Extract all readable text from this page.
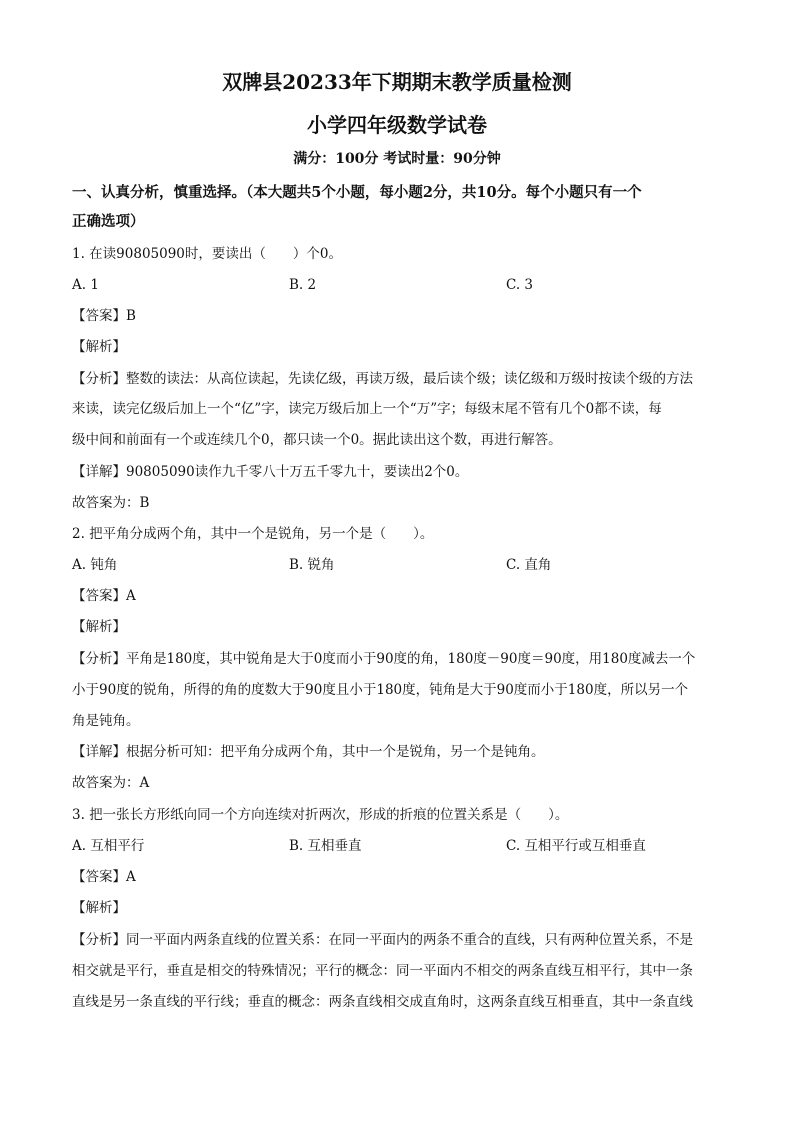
双牌县20233年下期期末教学质量检测
小学四年级数学试卷
满分：100分 考试时量：90分钟
一、认真分析，慎重选择。（本大题共5个小题，每小题2分，共10分。每个小题只有一个
正确选项）
1. 在读90805090时，要读出（　　）个0。
A. 1	B. 2	C. 3
【答案】B
【解析】
【分析】整数的读法：从高位读起，先读亿级，再读万级，最后读个级；读亿级和万级时按读个级的方法
来读，读完亿级后加上一个“亿”字，读完万级后加上一个“万”字；每级末尾不管有几个0都不读，每
级中间和前面有一个或连续几个0，都只读一个0。据此读出这个数，再进行解答。
【详解】90805090读作九千零八十万五千零九十，要读出2个0。
故答案为：B
2. 把平角分成两个角，其中一个是锐角，另一个是（　　）。
A. 钝角	B. 锐角	C. 直角
【答案】A
【解析】
【分析】平角是180度，其中锐角是大于0度而小于90度的角，180度－90度＝90度，用180度减去一个
小于90度的锐角，所得的角的度数大于90度且小于180度，钝角是大于90度而小于180度，所以另一个
角是钝角。
【详解】根据分析可知：把平角分成两个角，其中一个是锐角，另一个是钝角。
故答案为：A
3. 把一张长方形纸向同一个方向连续对折两次，形成的折痕的位置关系是（　　）。
A. 互相平行	B. 互相垂直	C. 互相平行或互相垂直
【答案】A
【解析】
【分析】同一平面内两条直线的位置关系：在同一平面内的两条不重合的直线，只有两种位置关系，不是
相交就是平行，垂直是相交的特殊情况；平行的概念：同一平面内不相交的两条直线互相平行，其中一条
直线是另一条直线的平行线；垂直的概念：两条直线相交成直角时，这两条直线互相垂直，其中一条直线
